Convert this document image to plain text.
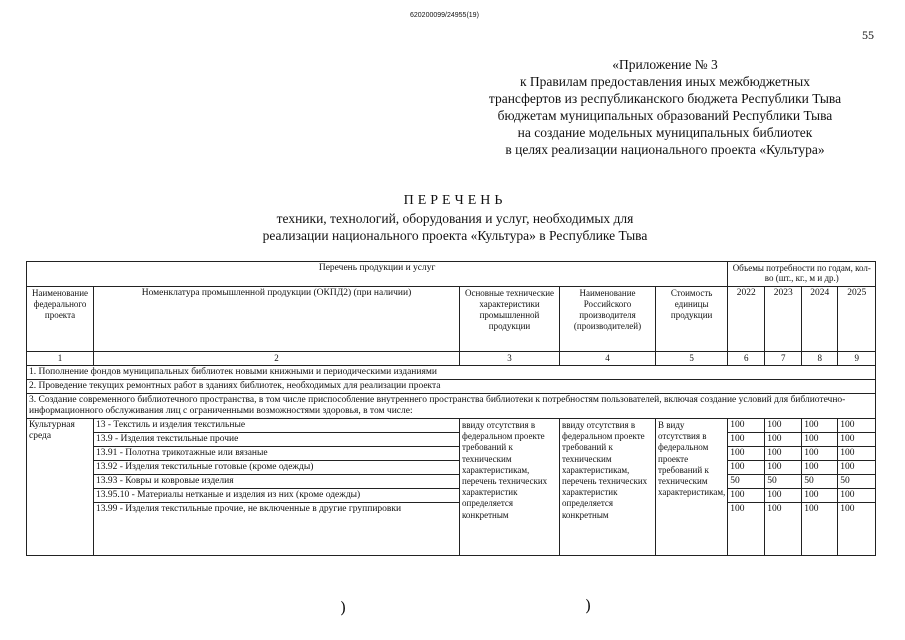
620200099/24955(19)
55
«Приложение № 3
к Правилам предоставления иных межбюджетных
трансфертов из республиканского бюджета Республики Тыва
бюджетам муниципальных образований Республики Тыва
на создание модельных муниципальных библиотек
в целях реализации национального проекта «Культура»
ПЕРЕЧЕНЬ
техники, технологий, оборудования и услуг, необходимых для
реализации национального проекта «Культура» в Республике Тыва
Перечень продукции и услуг					Объемы потребности по годам, кол-во (шт., кг., м и др.)			
Наименование федерального проекта	Номенклатура промышленной продукции (ОКПД2) (при наличии)	Основные технические характеристики промышленной продукции	Наименование Российского производителя (производителей)	Стоимость единицы продукции	2022	2023	2024	2025
1	2	3	4	5	6	7	8	9
1. Пополнение фондов муниципальных библиотек новыми книжными и периодическими изданиями								
2. Проведение текущих ремонтных работ в зданиях библиотек, необходимых для реализации проекта								
3. Создание современного библиотечного пространства, в том числе приспособление внутреннего пространства библиотеки к потребностям пользователей, включая создание условий для библиотечно-информационного обслуживания лиц с ограниченными возможностями здоровья, в том числе:								
Культурная среда	13 - Текстиль и изделия текстильные	ввиду отсутствия в федеральном проекте требований к техническим характеристикам, перечень технических характеристик определяется конкретным	ввиду отсутствия в федеральном проекте требований к техническим характеристикам, перечень технических характеристик определяется конкретным	В виду отсутствия в федеральном проекте требований к техническим характеристикам,	100	100	100	100
	13.9 - Изделия текстильные прочие				100	100	100	100
	13.91 - Полотна трикотажные или вязаные				100	100	100	100
	13.92 - Изделия текстильные готовые (кроме одежды)				100	100	100	100
	13.93 - Ковры и ковровые изделия				50	50	50	50
	13.95.10 - Материалы нетканые и изделия из них (кроме одежды)				100	100	100	100
	13.99 - Изделия текстильные прочие, не включенные в другие группировки				100	100	100	100
)	)
